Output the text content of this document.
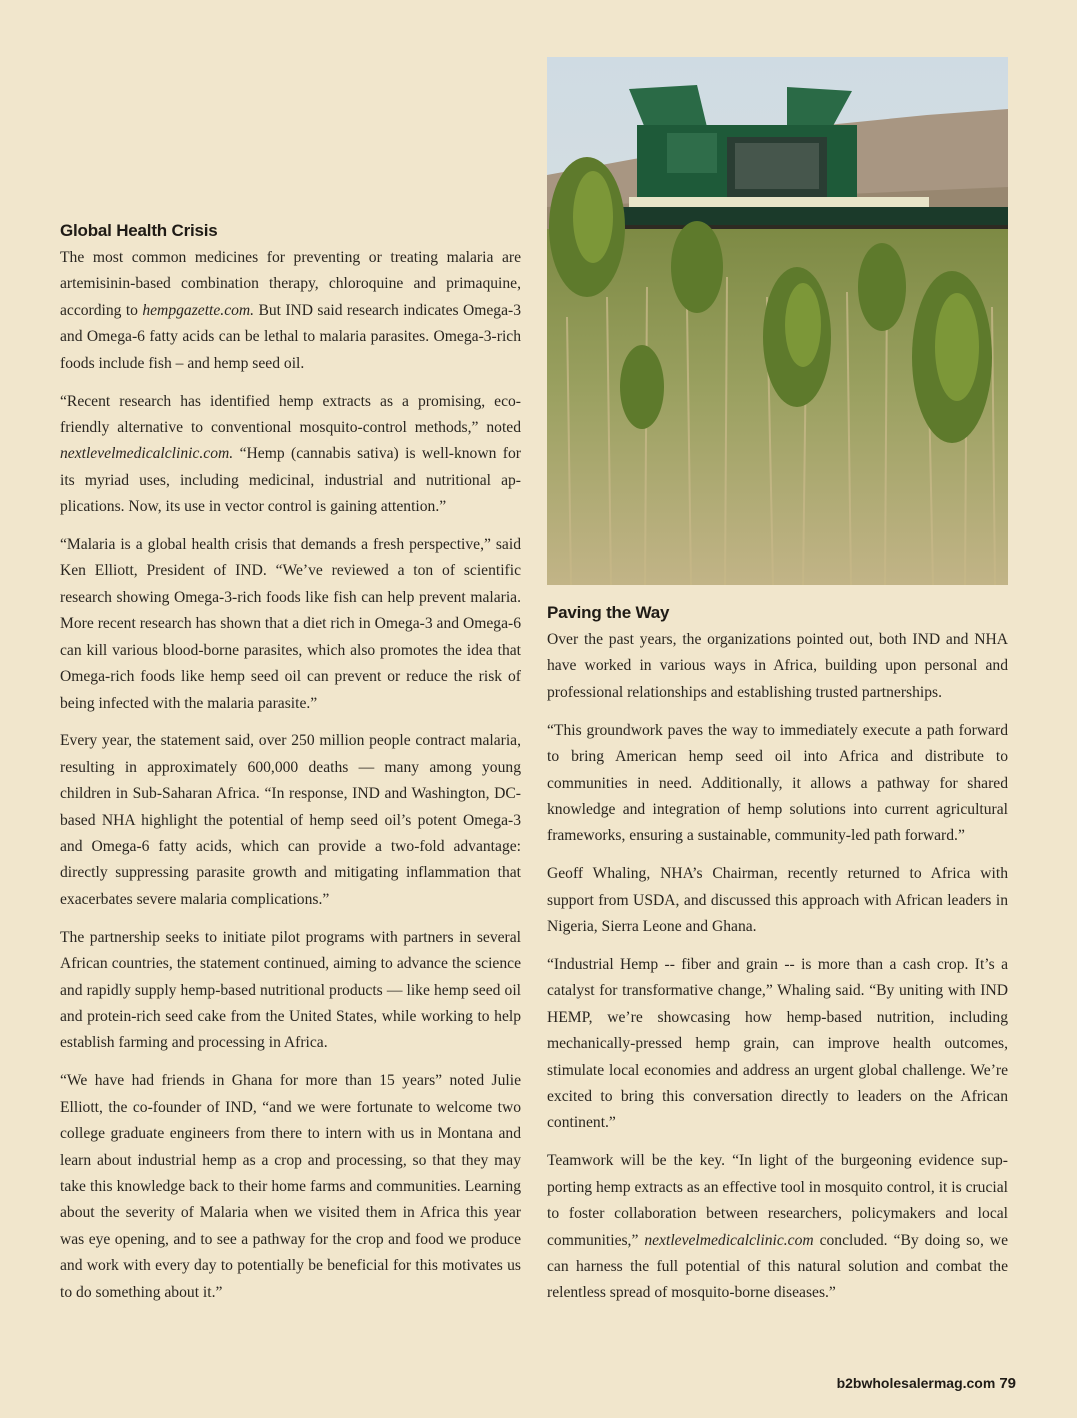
Global Health Crisis

The most common medicines for preventing or treating malaria are artemisinin-based combination therapy, chloroquine and primaquine, according to hempgazette.com. But IND said research indicates Omega-3 and Omega-6 fatty acids can be lethal to malaria parasites. Omega-3-rich foods include fish – and hemp seed oil.

“Recent research has identified hemp extracts as a promising, eco-friendly alternative to conventional mosquito-control methods,” noted nextlevelmedicalclinic.com. “Hemp (cannabis sativa) is well-known for its myriad uses, including medicinal, industrial and nutritional applications. Now, its use in vector control is gaining attention.”

“Malaria is a global health crisis that demands a fresh perspective,” said Ken Elliott, President of IND. “We’ve reviewed a ton of scientific research showing Omega-3-rich foods like fish can help prevent malaria. More recent research has shown that a diet rich in Omega-3 and Omega-6 can kill various blood-borne parasites, which also promotes the idea that Omega-rich foods like hemp seed oil can prevent or reduce the risk of being infected with the malaria parasite.”

Every year, the statement said, over 250 million people contract malaria, resulting in approximately 600,000 deaths — many among young children in Sub-Saharan Africa. “In response, IND and Washington, DC-based NHA highlight the potential of hemp seed oil’s potent Omega-3 and Omega-6 fatty acids, which can provide a two-fold advantage: directly suppressing parasite growth and mitigating inflammation that exacerbates severe malaria complications.”

The partnership seeks to initiate pilot programs with partners in several African countries, the statement continued, aiming to advance the science and rapidly supply hemp-based nutritional products — like hemp seed oil and protein-rich seed cake from the United States, while working to help establish farming and processing in Africa.

“We have had friends in Ghana for more than 15 years” noted Julie Elliott, the co-founder of IND, “and we were fortunate to welcome two college graduate engineers from there to intern with us in Montana and learn about industrial hemp as a crop and processing, so that they may take this knowledge back to their home farms and communities. Learning about the severity of Malaria when we visited them in Africa this year was eye opening, and to see a pathway for the crop and food we produce and work with every day to potentially be beneficial for this motivates us to do something about it.”

Paving the Way

Over the past years, the organizations pointed out, both IND and NHA have worked in various ways in Africa, building upon personal and professional relationships and establishing trusted partnerships.

“This groundwork paves the way to immediately execute a path forward to bring American hemp seed oil into Africa and distribute to communities in need. Additionally, it allows a pathway for shared knowledge and integration of hemp solutions into current agricultural frameworks, ensuring a sustainable, community-led path forward.”

Geoff Whaling, NHA’s Chairman, recently returned to Africa with support from USDA, and discussed this approach with African leaders in Nigeria, Sierra Leone and Ghana.

“Industrial Hemp -- fiber and grain -- is more than a cash crop. It’s a catalyst for transformative change,” Whaling said. “By uniting with IND HEMP, we’re showcasing how hemp-based nutrition, including mechanically-pressed hemp grain, can improve health outcomes, stimulate local economies and address an urgent global challenge. We’re excited to bring this conversation directly to leaders on the African continent.”

Teamwork will be the key. “In light of the burgeoning evidence supporting hemp extracts as an effective tool in mosquito control, it is crucial to foster collaboration between researchers, policymakers and local communities,” nextlevelmedicalclinic.com concluded. “By doing so, we can harness the full potential of this natural solution and combat the relentless spread of mosquito-borne diseases.”

b2bwholesalermag.com 79
